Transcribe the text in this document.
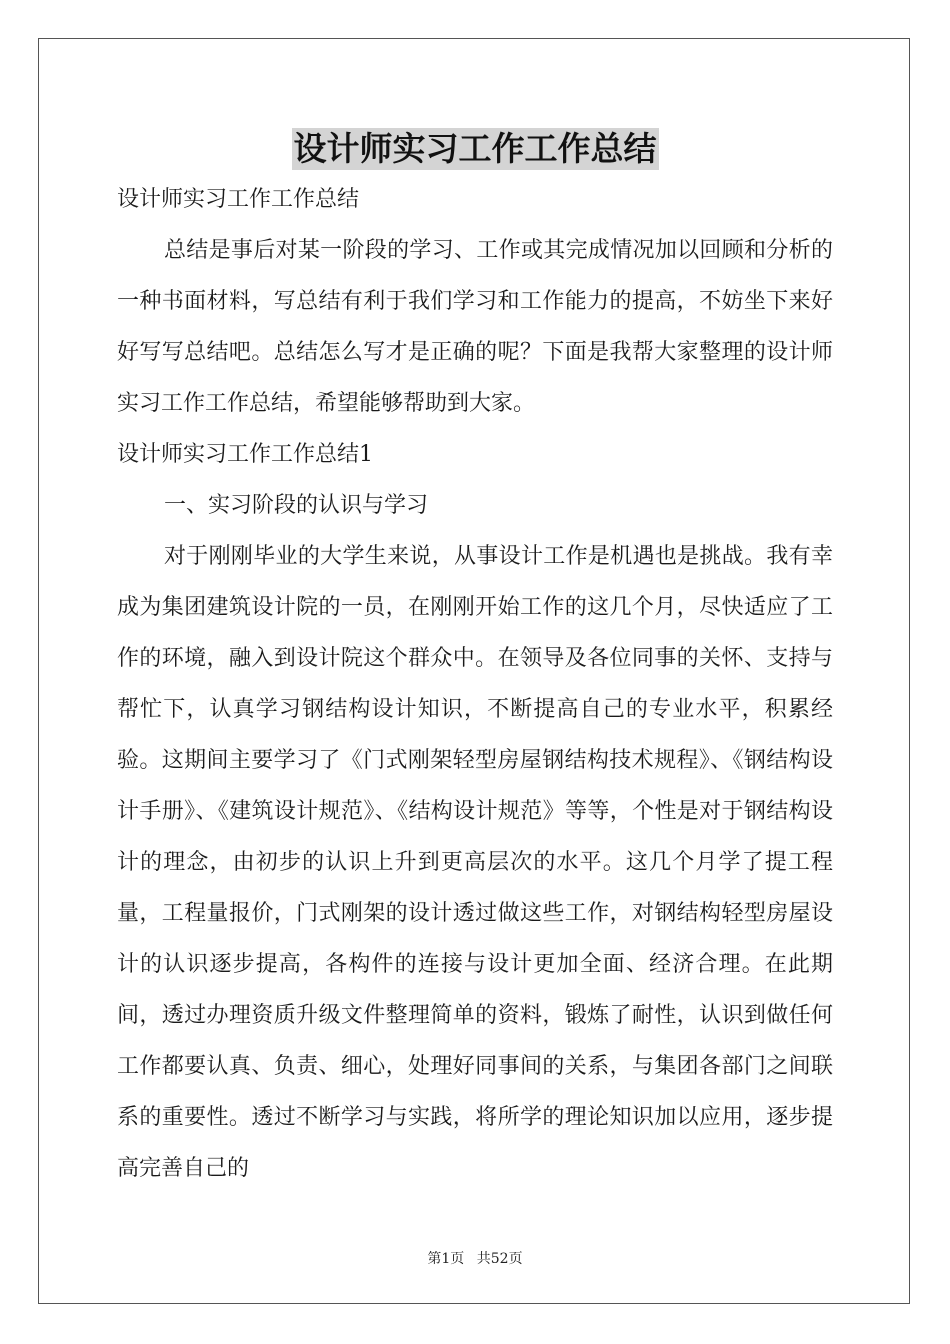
设计师实习工作工作总结

设计师实习工作工作总结

总结是事后对某一阶段的学习、工作或其完成情况加以回顾和分析的一种书面材料，写总结有利于我们学习和工作能力的提高，不妨坐下来好好写写总结吧。总结怎么写才是正确的呢？下面是我帮大家整理的设计师实习工作工作总结，希望能够帮助到大家。

设计师实习工作工作总结1

一、实习阶段的认识与学习

对于刚刚毕业的大学生来说，从事设计工作是机遇也是挑战。我有幸成为集团建筑设计院的一员，在刚刚开始工作的这几个月，尽快适应了工作的环境，融入到设计院这个群众中。在领导及各位同事的关怀、支持与帮忙下，认真学习钢结构设计知识，不断提高自己的专业水平，积累经验。这期间主要学习了《门式刚架轻型房屋钢结构技术规程》、《钢结构设计手册》、《建筑设计规范》、《结构设计规范》等等，个性是对于钢结构设计的理念，由初步的认识上升到更高层次的水平。这几个月学了提工程量，工程量报价，门式刚架的设计透过做这些工作，对钢结构轻型房屋设计的认识逐步提高，各构件的连接与设计更加全面、经济合理。在此期间，透过办理资质升级文件整理简单的资料，锻炼了耐性，认识到做任何工作都要认真、负责、细心，处理好同事间的关系，与集团各部门之间联系的重要性。透过不断学习与实践，将所学的理论知识加以应用，逐步提高完善自己的

第1页 共52页
